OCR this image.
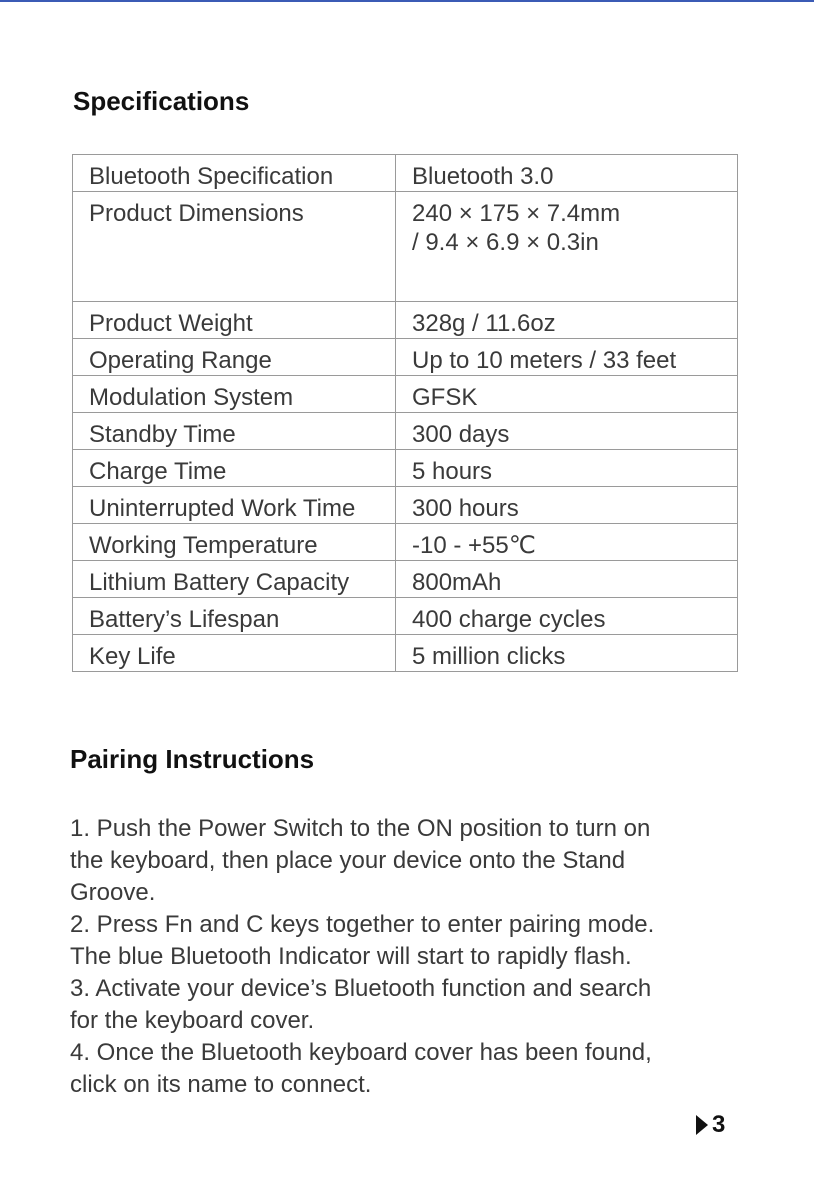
Specifications
Bluetooth Specification	Bluetooth 3.0

Product Dimensions	240 × 175 × 7.4mm
/ 9.4 × 6.9 × 0.3in

Product Weight	328g / 11.6oz

Operating Range	Up to 10 meters / 33 feet

Modulation System	GFSK

Standby Time	300 days

Charge Time	5 hours

Uninterrupted Work Time	300 hours

Working Temperature	-10 - +55℃

Lithium Battery Capacity	800mAh

Battery’s Lifespan	400 charge cycles

Key Life	5 million clicks
Pairing Instructions

1. Push the Power Switch to the ON position to turn on

the keyboard, then place your device onto the Stand

Groove.

2. Press Fn and C keys together to enter pairing mode.

The blue Bluetooth Indicator will start to rapidly flash.

3. Activate your device’s Bluetooth function and search

for the keyboard cover.

4. Once the Bluetooth keyboard cover has been found,

click on its name to connect.

3
